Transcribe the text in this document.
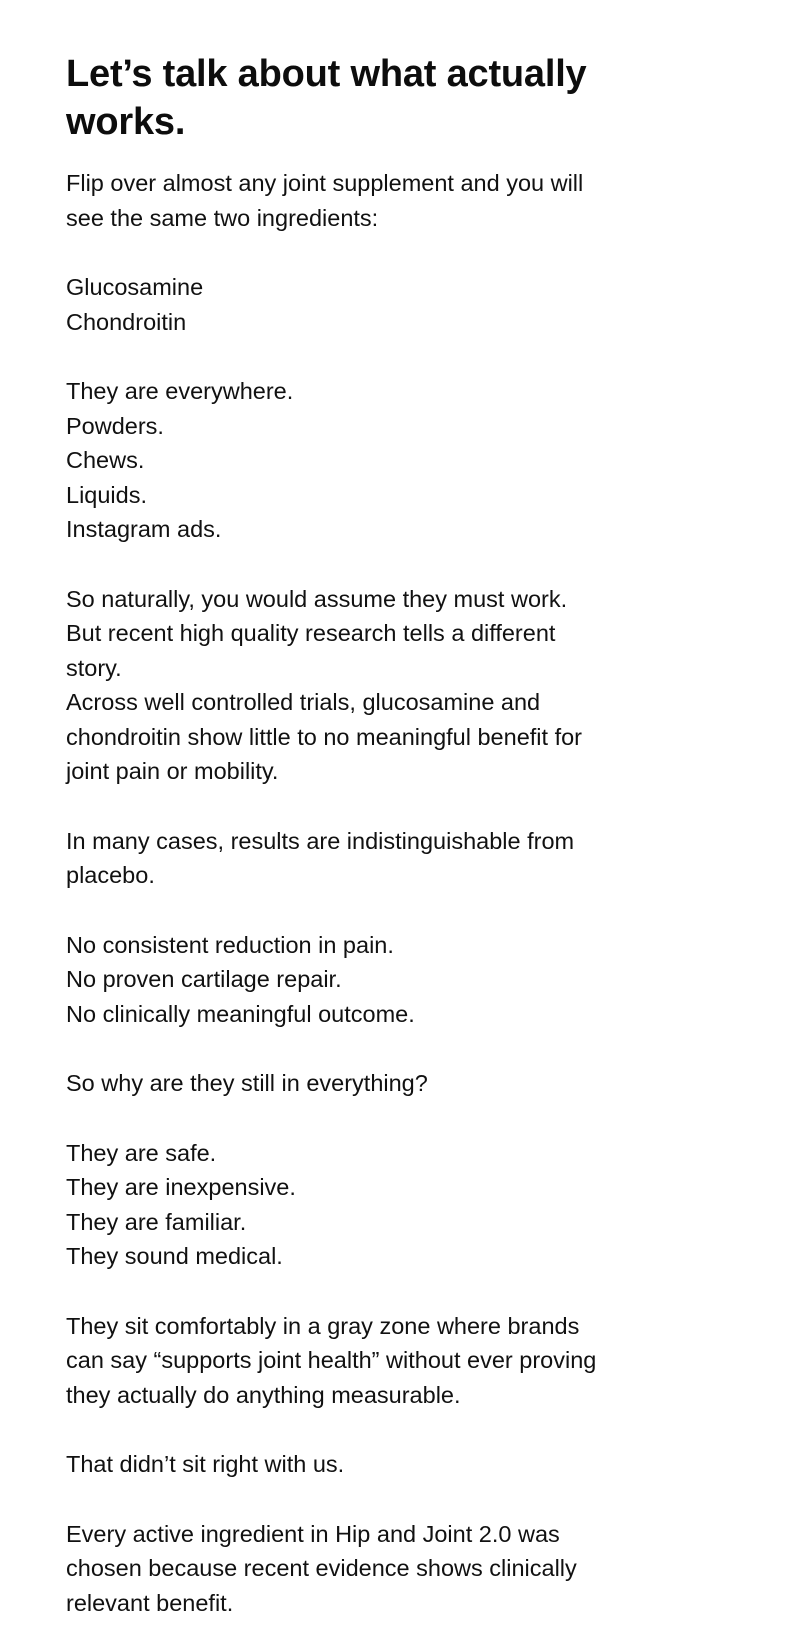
Let’s talk about what actually
works.

Flip over almost any joint supplement and you will
see the same two ingredients:

Glucosamine
Chondroitin

They are everywhere.
Powders.
Chews.
Liquids.
Instagram ads.

So naturally, you would assume they must work.
But recent high quality research tells a different
story.
Across well controlled trials, glucosamine and
chondroitin show little to no meaningful benefit for
joint pain or mobility.

In many cases, results are indistinguishable from
placebo.

No consistent reduction in pain.
No proven cartilage repair.
No clinically meaningful outcome.

So why are they still in everything?

They are safe.
They are inexpensive.
They are familiar.
They sound medical.

They sit comfortably in a gray zone where brands
can say “supports joint health” without ever proving
they actually do anything measurable.

That didn’t sit right with us.

Every active ingredient in Hip and Joint 2.0 was
chosen because recent evidence shows clinically
relevant benefit.
